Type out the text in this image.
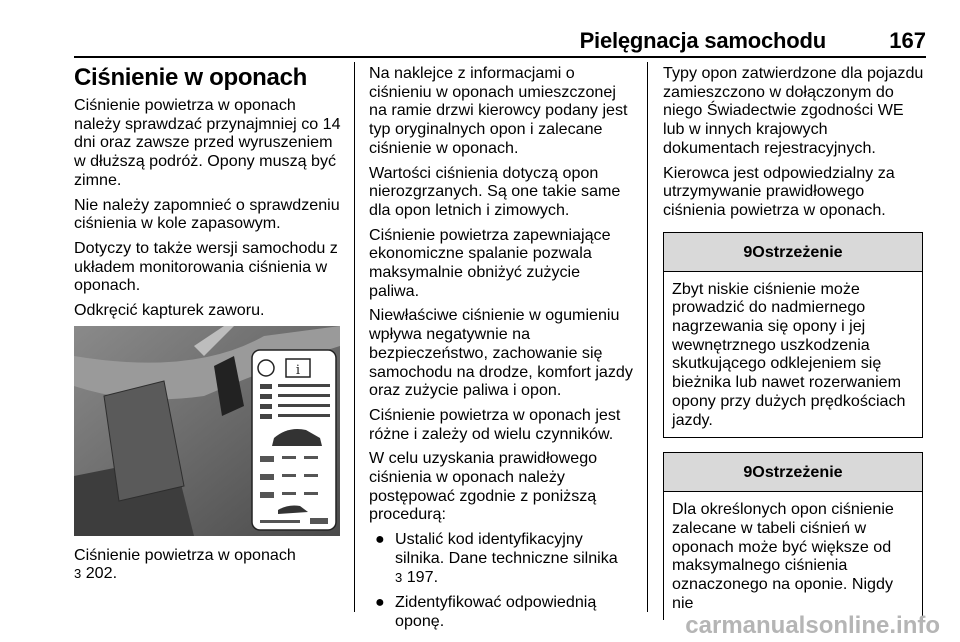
Pielęgnacja samochodu	167
Ciśnienie w oponach

Ciśnienie powietrza w oponach należy sprawdzać przynajmniej co 14 dni oraz zawsze przed wyruszeniem w dłuższą podróż. Opony muszą być zimne.

Nie należy zapomnieć o sprawdzeniu ciśnienia w kole zapasowym.

Dotyczy to także wersji samochodu z układem monitorowania ciśnienia w oponach.

Odkręcić kapturek zaworu.

i

Ciśnienie powietrza w oponach
3 202.

Na naklejce z informacjami o ciśnieniu w oponach umieszczonej na ramie drzwi kierowcy podany jest typ oryginalnych opon i zalecane ciśnienie w oponach.

Wartości ciśnienia dotyczą opon nierozgrzanych. Są one takie same dla opon letnich i zimowych.

Ciśnienie powietrza zapewniające ekonomiczne spalanie pozwala maksymalnie obniżyć zużycie paliwa.

Niewłaściwe ciśnienie w ogumieniu wpływa negatywnie na bezpieczeństwo, zachowanie się samochodu na drodze, komfort jazdy oraz zużycie paliwa i opon.

Ciśnienie powietrza w oponach jest różne i zależy od wielu czynników.

W celu uzyskania prawidłowego ciśnienia w oponach należy postępować zgodnie z poniższą procedurą:

● Ustalić kod identyfikacyjny silnika. Dane techniczne silnika
3 197.
● Zidentyfikować odpowiednią oponę.

Typy opon zatwierdzone dla pojazdu zamieszczono w dołączonym do niego Świadectwie zgodności WE lub w innych krajowych dokumentach rejestracyjnych.

Kierowca jest odpowiedzialny za utrzymywanie prawidłowego ciśnienia powietrza w oponach.

9Ostrzeżenie
Zbyt niskie ciśnienie może prowadzić do nadmiernego nagrzewania się opony i jej wewnętrznego uszkodzenia skutkującego odklejeniem się bieżnika lub nawet rozerwaniem opony przy dużych prędkościach jazdy.
9Ostrzeżenie
Dla określonych opon ciśnienie zalecane w tabeli ciśnień w oponach może być większe od maksymalnego ciśnienia oznaczonego na oponie. Nigdy nie
carmanualsonline.info
